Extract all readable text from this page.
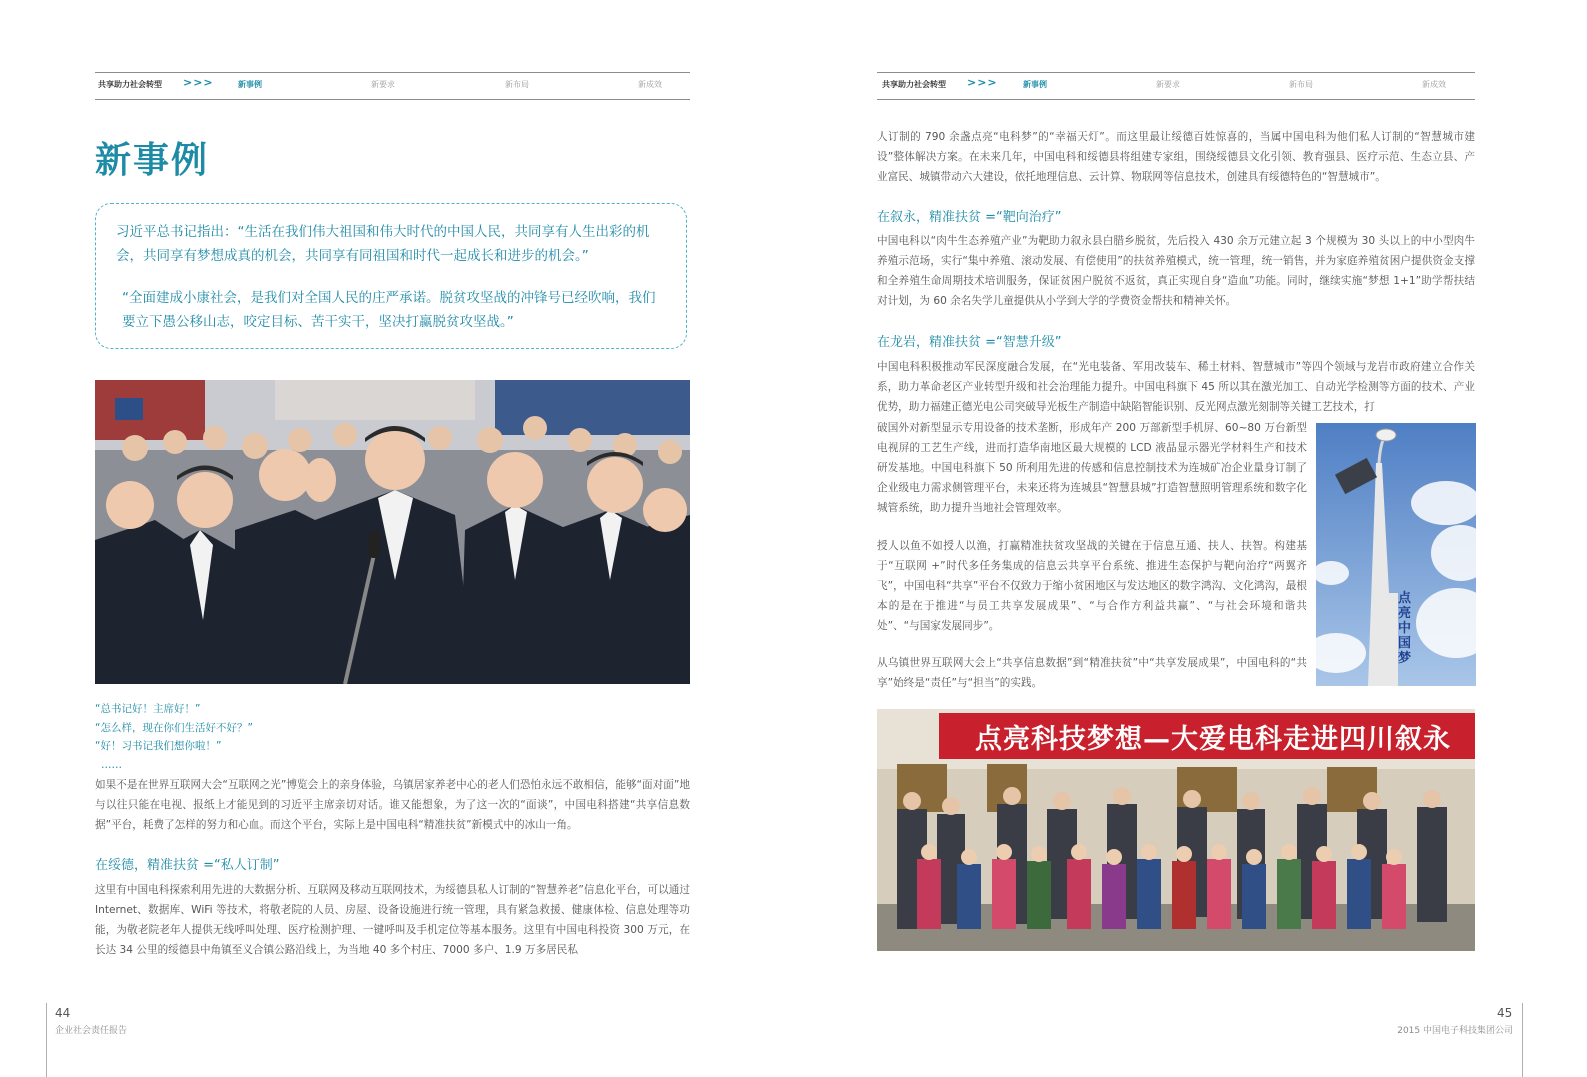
共享助力社会转型 >>>	新事例	新要求	新布局	新成效	共享助力社会转型 >>>	新事例	新要求	新布局	新成效
新事例

习近平总书记指出：“生活在我们伟大祖国和伟大时代的中国人民，共同享有人生出彩的机会，共同享有梦想成真的机会，共同享有同祖国和时代一起成长和进步的机会。”

“全面建成小康社会，是我们对全国人民的庄严承诺。脱贫攻坚战的冲锋号已经吹响，我们要立下愚公移山志，咬定目标、苦干实干，坚决打赢脱贫攻坚战。”

“总书记好！主席好！”
“怎么样，现在你们生活好不好？”
“好！习书记我们想你啦！”
……

如果不是在世界互联网大会“互联网之光”博览会上的亲身体验，乌镇居家养老中心的老人们恐怕永远不敢相信，能够“面对面”地与以往只能在电视、报纸上才能见到的习近平主席亲切对话。谁又能想象，为了这一次的“面谈”，中国电科搭建“共享信息数据”平台，耗费了怎样的努力和心血。而这个平台，实际上是中国电科“精准扶贫”新模式中的冰山一角。

在绥德，精准扶贫 =“私人订制”

这里有中国电科探索利用先进的大数据分析、互联网及移动互联网技术，为绥德县私人订制的“智慧养老”信息化平台，可以通过 Internet、数据库、WiFi 等技术，将敬老院的人员、房屋、设备设施进行统一管理，具有紧急救援、健康体检、信息处理等功能，为敬老院老年人提供无线呼叫处理、医疗检测护理、一键呼叫及手机定位等基本服务。这里有中国电科投资 300 万元，在长达 34 公里的绥德县中角镇至义合镇公路沿线上，为当地 40 多个村庄、7000 多户、1.9 万多居民私

人订制的 790 余盏点亮“电科梦”的“幸福天灯”。而这里最让绥德百姓惊喜的，当属中国电科为他们私人订制的“智慧城市建设”整体解决方案。在未来几年，中国电科和绥德县将组建专家组，围绕绥德县文化引领、教育强县、医疗示范、生态立县、产业富民、城镇带动六大建设，依托地理信息、云计算、物联网等信息技术，创建具有绥德特色的“智慧城市”。

在叙永，精准扶贫 =“靶向治疗”

中国电科以“肉牛生态养殖产业”为靶助力叙永县白腊乡脱贫，先后投入 430 余万元建立起 3 个规模为 30 头以上的中小型肉牛养殖示范场，实行“集中养殖、滚动发展、有偿使用”的扶贫养殖模式，统一管理，统一销售，并为家庭养殖贫困户提供资金支撑和全养殖生命周期技术培训服务，保证贫困户脱贫不返贫，真正实现自身“造血”功能。同时，继续实施“梦想 1+1”助学帮扶结对计划，为 60 余名失学儿童提供从小学到大学的学费资金帮扶和精神关怀。

在龙岩，精准扶贫 =“智慧升级”

中国电科积极推动军民深度融合发展，在“光电装备、军用改装车、稀土材料、智慧城市”等四个领域与龙岩市政府建立合作关系，助力革命老区产业转型升级和社会治理能力提升。中国电科旗下 45 所以其在激光加工、自动光学检测等方面的技术、产业优势，助力福建正德光电公司突破导光板生产制造中缺陷智能识别、反光网点激光刻制等关键工艺技术，打

破国外对新型显示专用设备的技术垄断，形成年产 200 万部新型手机屏、60~80 万台新型电视屏的工艺生产线，进而打造华南地区最大规模的 LCD 液晶显示器光学材料生产和技术研发基地。中国电科旗下 50 所利用先进的传感和信息控制技术为连城矿冶企业量身订制了企业级电力需求侧管理平台，未来还将为连城县“智慧县城”打造智慧照明管理系统和数字化城管系统，助力提升当地社会管理效率。

授人以鱼不如授人以渔，打赢精准扶贫攻坚战的关键在于信息互通、扶人、扶智。构建基于“互联网 +”时代多任务集成的信息云共享平台系统、推进生态保护与靶向治疗“两翼齐飞”，中国电科“共享”平台不仅致力于缩小贫困地区与发达地区的数字鸿沟、文化鸿沟，最根本的是在于推进“与员工共享发展成果”、“与合作方利益共赢”、“与社会环境和谐共处”、“与国家发展同步”。

从乌镇世界互联网大会上“共享信息数据”到“精准扶贫”中“共享发展成果”，中国电科的“共享”始终是“责任”与“担当”的实践。

点亮中国梦
点亮科技梦想—大爱电科走进四川叙永
44
企业社会责任报告
45
2015 中国电子科技集团公司
